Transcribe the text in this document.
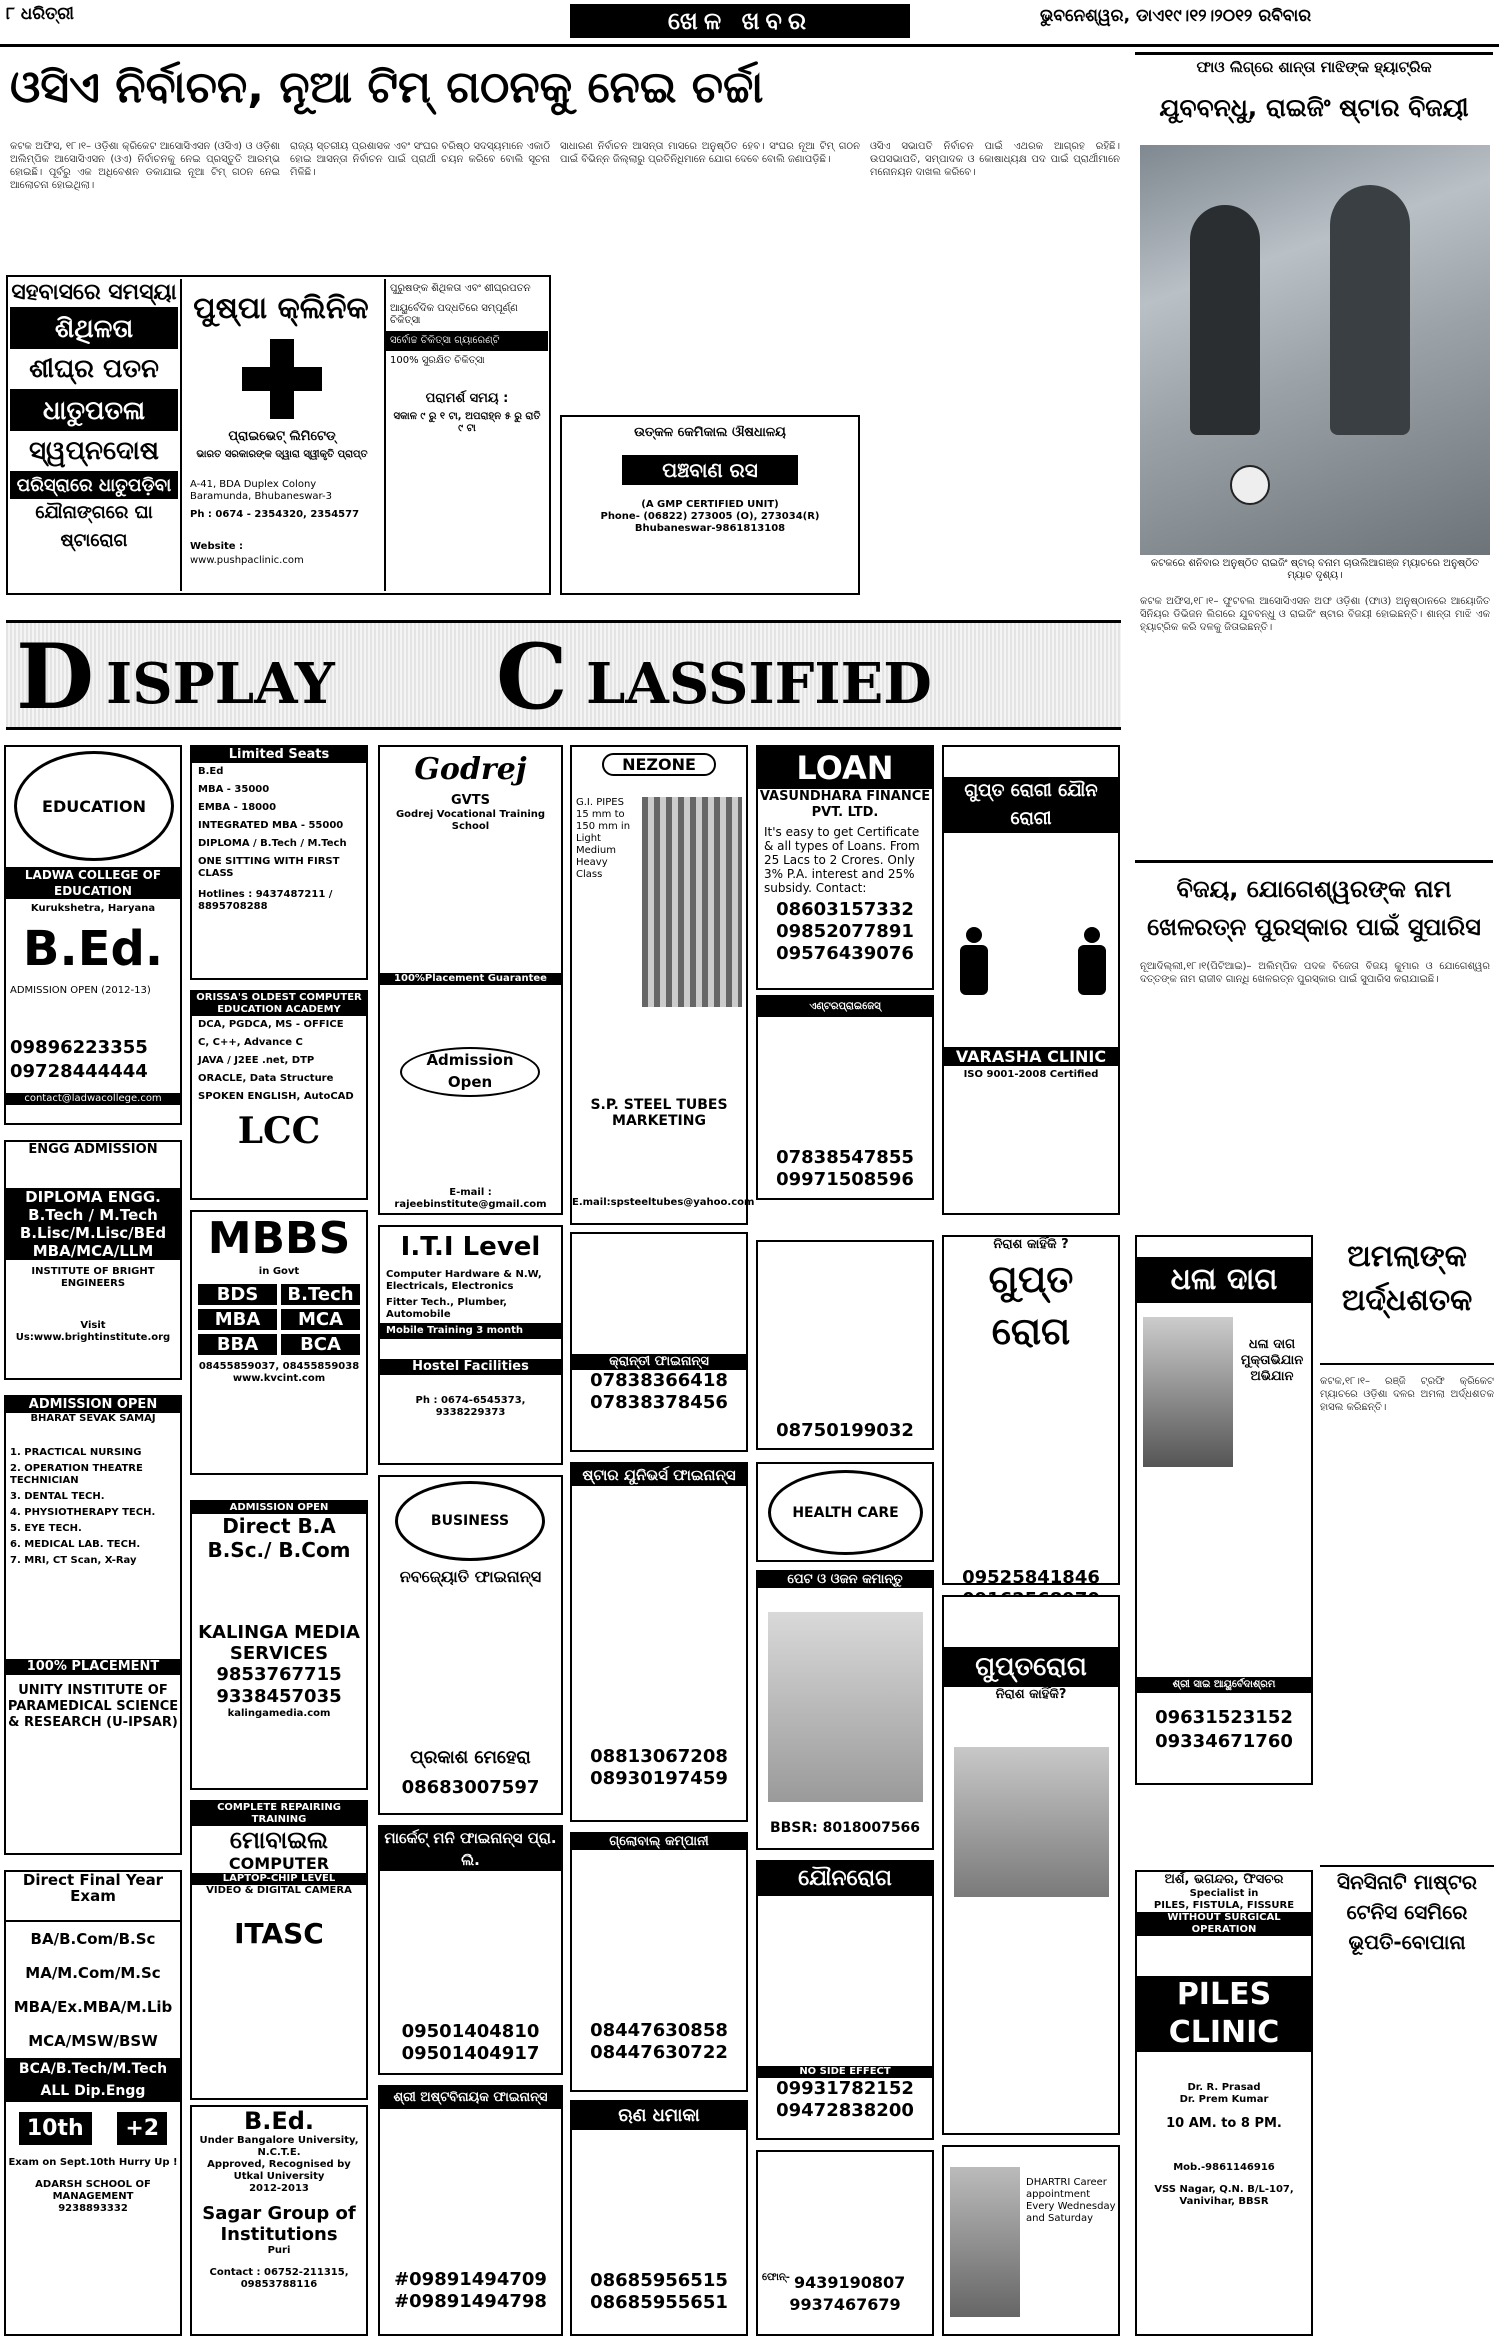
୮ ଧରିତ୍ରୀ	ଖେଳ ଖବର	ଭୁବନେଶ୍ୱର, ଡାଏ୧୯।୧୨।୨୦୧୨ ରବିବାର
ଓସିଏ ନିର୍ବାଚନ, ନୂଆ ଟିମ୍ ଗଠନକୁ ନେଇ ଚର୍ଚ୍ଚା
କଟକ ଅଫିସ, ୧୮।୧– ଓଡ଼ିଶା କ୍ରିକେଟ ଆସୋସିଏସନ (ଓସିଏ) ଓ ଓଡ଼ିଶା ଅଲିମ୍ପିକ ଆସୋସିଏସନ (ଓଏ) ନିର୍ବାଚନକୁ ନେଇ ପ୍ରସ୍ତୁତି ଆରମ୍ଭ ହୋଇଛି। ପୂର୍ବରୁ ଏକ ଅଧିବେଶନ ଡକାଯାଇ ନୂଆ ଟିମ୍ ଗଠନ ନେଇ ଆଲୋଚନା ହୋଇଥିଲା।
ରାଜ୍ୟ ସ୍ତରୀୟ ପ୍ରଶାସକ ଏବଂ ସଂଘର ବରିଷ୍ଠ ସଦସ୍ୟମାନେ ଏକାଠି ହୋଇ ଆସନ୍ତା ନିର୍ବାଚନ ପାଇଁ ପ୍ରାର୍ଥୀ ଚୟନ କରିବେ ବୋଲି ସୂଚନା ମିଳିଛି।
ସାଧାରଣ ନିର୍ବାଚନ ଆସନ୍ତା ମାସରେ ଅନୁଷ୍ଠିତ ହେବ। ସଂଘର ନୂଆ ଟିମ୍ ଗଠନ ପାଇଁ ବିଭିନ୍ନ ଜିଲ୍ଲାରୁ ପ୍ରତିନିଧିମାନେ ଯୋଗ ଦେବେ ବୋଲି ଜଣାପଡ଼ିଛି।
ଓସିଏ ସଭାପତି ନିର୍ବାଚନ ପାଇଁ ଏଥରକ ଆଗ୍ରହ ରହିଛି। ଉପସଭାପତି, ସମ୍ପାଦକ ଓ କୋଷାଧ୍ୟକ୍ଷ ପଦ ପାଇଁ ପ୍ରାର୍ଥୀମାନେ ମନୋନୟନ ଦାଖଲ କରିବେ।
ସହବାସରେ ସମସ୍ୟା
ଶିଥିଳତା
ଶୀଘ୍ର ପତନ
ଧାତୁପତଳା
ସ୍ୱପ୍ନଦୋଷ
ପରିସ୍ରାରେ ଧାତୁପଡ଼ିବା
ଯୌନାଙ୍ଗରେ ଘା ଷ୍ଟାରୋଗ
ପୁଷ୍ପା କ୍ଲିନିକ
ପ୍ରାଇଭେଟ୍ ଲିମିଟେଡ୍
ଭାରତ ସରକାରଙ୍କ ଦ୍ୱାରା ସ୍ୱୀକୃତି ପ୍ରାପ୍ତ
A-41, BDA Duplex Colony Baramunda, Bhubaneswar-3
Ph : 0674 - 2354320, 2354577
Website :
www.pushpaclinic.com
ପୁରୁଷଙ୍କ ଶିଥିଳତା ଏବଂ ଶୀଘ୍ରପତନ
ଆୟୁର୍ବେଦିକ ପଦ୍ଧତିରେ ସମ୍ପୂର୍ଣ୍ଣ ଚିକିତ୍ସା
ସର୍ବୋଚ୍ଚ ଚିକିତ୍ସା ଗ୍ୟାରେଣ୍ଟି
100% ସୁରକ୍ଷିତ ଚିକିତ୍ସା
ପରାମର୍ଶ ସମୟ :
ସକାଳ ୯ ରୁ ୧ ଟା, ଅପରାହ୍ନ ୫ ରୁ ରାତି ୯ ଟା	ଉତ୍କଳ କେମିକାଲ ଔଷଧାଳୟ
ପଞ୍ଚବାଣ ରସ
(A GMP CERTIFIED UNIT)
Phone- (06822) 273005 (O), 273034(R)
Bhubaneswar-9861813108
ଫାଓ ଲିଗ୍‌ରେ ଶାନ୍ତା ମାଝିଙ୍କ ହ୍ୟାଟ୍ରିକ
ଯୁବବନ୍ଧୁ, ରାଇଜିଂ ଷ୍ଟାର ବିଜୟୀ
କଟକରେ ଶନିବାର ଅନୁଷ୍ଠିତ ରାଇଜିଂ ଷ୍ଟାର୍ ବନାମ ଚାଉଲିଆଗଞ୍ଜ ମ୍ୟାଚରେ ଅନୁଷ୍ଠିତ ମ୍ୟାଚ ଦୃଶ୍ୟ।
କଟକ ଅଫିସ,୧୮।୧– ଫୁଟବଲ ଆସୋସିଏସନ ଅଫ ଓଡ଼ିଶା (ଫାଓ) ଅନୁଷ୍ଠାନରେ ଆୟୋଜିତ ସିନିୟର ଡିଭିଜନ ଲିଗରେ ଯୁବବନ୍ଧୁ ଓ ରାଇଜିଂ ଷ୍ଟାର ବିଜୟୀ ହୋଇଛନ୍ତି। ଶାନ୍ତା ମାଝି ଏକ ହ୍ୟାଟ୍ରିକ କରି ଦଳକୁ ଜିତାଇଛନ୍ତି।
D ISPLAY C LASSIFIED
EDUCATION
LADWA COLLEGE OF EDUCATION
Kurukshetra, Haryana
B.Ed.
ADMISSION OPEN (2012-13)
09896223355
09728444444
contact@ladwacollege.com
ENGG ADMISSION
DIPLOMA ENGG.
B.Tech / M.Tech
B.Lisc/M.Lisc/BEd
MBA/MCA/LLM
INSTITUTE OF BRIGHT ENGINEERS
Visit Us:www.brightinstitute.org
ADMISSION OPEN
BHARAT SEVAK SAMAJ
1. PRACTICAL NURSING
2. OPERATION THEATRE TECHNICIAN
3. DENTAL TECH.
4. PHYSIOTHERAPY TECH.
5. EYE TECH.
6. MEDICAL LAB. TECH.
7. MRI, CT Scan, X-Ray
100% PLACEMENT
UNITY INSTITUTE OF PARAMEDICAL SCIENCE & RESEARCH (U-IPSAR)
Direct Final Year Exam
BA/B.Com/B.Sc
MA/M.Com/M.Sc
MBA/Ex.MBA/M.Lib
MCA/MSW/BSW
BCA/B.Tech/M.Tech
ALL Dip.Engg
10th	+2
Exam on Sept.10th Hurry Up !
ADARSH SCHOOL OF MANAGEMENT
9238893332
Limited Seats
B.Ed
MBA - 35000
EMBA - 18000
INTEGRATED MBA - 55000
DIPLOMA / B.Tech / M.Tech
ONE SITTING WITH FIRST CLASS
Hotlines : 9437487211 / 8895708288
ORISSA'S OLDEST COMPUTER EDUCATION ACADEMY
DCA, PGDCA, MS - OFFICE
C, C++, Advance C
JAVA / J2EE .net, DTP
ORACLE, Data Structure
SPOKEN ENGLISH, AutoCAD
LCC
MBBS
in Govt
BDS	B.Tech
MBA	MCA
BBA	BCA
08455859037, 08455859038
www.kvcint.com
ADMISSION OPEN
Direct B.A
B.Sc./ B.Com
KALINGA MEDIA SERVICES
9853767715
9338457035
kalingamedia.com
COMPLETE REPAIRING TRAINING
ମୋବାଇଲ
COMPUTER
LAPTOP-CHIP LEVEL
VIDEO & DIGITAL CAMERA
ITASC
B.Ed.
Under Bangalore University, N.C.T.E.
Approved, Recognised by Utkal University
2012-2013
Sagar Group of Institutions
Puri
Contact : 06752-211315, 09853788116
Godrej
GVTS
Godrej Vocational Training School
100%Placement Guarantee
Admission Open
E-mail : rajeebinstitute@gmail.com
I.T.I Level
Computer Hardware & N.W, Electricals, Electronics
Fitter Tech., Plumber, Automobile
Mobile Training 3 month
Hostel Facilities
Ph : 0674-6545373, 9338229373
BUSINESS
ନବଜ୍ୟୋତି ଫାଇନାନ୍ସ
ପ୍ରକାଶ ମେହେରା
08683007597
ମାର୍କେଟ୍ ମନି ଫାଇନାନ୍ସ ପ୍ରା. ଲି.
09501404810
09501404917
ଶ୍ରୀ ଅଷ୍ଟବିନାୟକ ଫାଇନାନ୍ସ
#09891494709
#09891494798
NEZONE
G.I. PIPES 15 mm to 150 mm in Light Medium Heavy Class
S.P. STEEL TUBES MARKETING
E.mail:spsteeltubes@yahoo.com
କ୍ରାନ୍ତୀ ଫାଇନାନ୍ସ
07838366418
07838378456
ଷ୍ଟାର ଯୁନିଭର୍ସ ଫାଇନାନ୍ସ
08813067208
08930197459
ଗ୍ଲୋବାଲ୍ କମ୍ପାନୀ
08447630858
08447630722
ଋଣ ଧମାକା
08685956515
08685955651
LOAN
VASUNDHARA FINANCE PVT. LTD.
It's easy to get Certificate & all types of Loans. From 25 Lacs to 2 Crores. Only 3% P.A. interest and 25% subsidy. Contact:
08603157332
09852077891
09576439076
ଏଣ୍ଟରପ୍ରାଇଜେସ୍
07838547855
09971508596
08750199032
HEALTH CARE
ପେଟ ଓ ଓଜନ କମାନ୍ତୁ
BBSR: 8018007566
ଯୌନରୋଗ
NO SIDE EFFECT
09931782152
09472838200
ଫୋନ୍- 9439190807
9937467679
ଗୁପ୍ତ ରୋଗୀ ଯୌନ ରୋଗୀ
VARASHA CLINIC
ISO 9001-2008 Certified
ନିରାଶ କାହିଁକି ?
ଗୁପ୍ତ ରୋଗ
09525841846
ଗୁପ୍ତରୋଗ
ନିରାଶ କାହିଁକି?
DHARTRI Career appointment Every Wednesday and Saturday
ବିଜୟ, ଯୋଗେଶ୍ୱରଙ୍କ ନାମ ଖେଳରତ୍ନ ପୁରସ୍କାର ପାଇଁ ସୁପାରିସ
ନୂଆଦିଲ୍ଲୀ,୧୮।୧(ପିଟିଆଇ)– ଅଲିମ୍ପିକ ପଦକ ବିଜେତା ବିଜୟ କୁମାର ଓ ଯୋଗେଶ୍ୱର ଦତ୍ତଙ୍କ ନାମ ରାଜୀବ ଗାନ୍ଧି ଖେଳରତ୍ନ ପୁରସ୍କାର ପାଇଁ ସୁପାରିସ କରାଯାଇଛି।
ଧଳା ଦାଗ
ଧଳା ଦାଗ ମୁକ୍ତାଭିଯାନ ଅଭିଯାନ
ଶ୍ରୀ ସାଇ ଆୟୁର୍ବେଦାଶ୍ରମ
09631523152
09334671760
ଅମଲାଙ୍କ ଅର୍ଦ୍ଧଶତକ
କଟକ,୧୮।୧– ରଞ୍ଜି ଟ୍ରଫି କ୍ରିକେଟ ମ୍ୟାଚରେ ଓଡ଼ିଶା ଦଳର ଅମଲା ଅର୍ଦ୍ଧଶତକ ହାସଲ କରିଛନ୍ତି।
ଅର୍ଶ, ଭଗନ୍ଦର, ଫିସଚର
Specialist in
PILES, FISTULA, FISSURE
WITHOUT SURGICAL OPERATION
PILES CLINIC
Dr. R. Prasad
Dr. Prem Kumar
10 AM. to 8 PM.
Mob.-9861146916
VSS Nagar, Q.N. B/L-107, Vanivihar, BBSR
ସିନସିନାଟି ମାଷ୍ଟର ଟେନିସ ସେମିରେ ଭୂପତି-ବୋପାନା
